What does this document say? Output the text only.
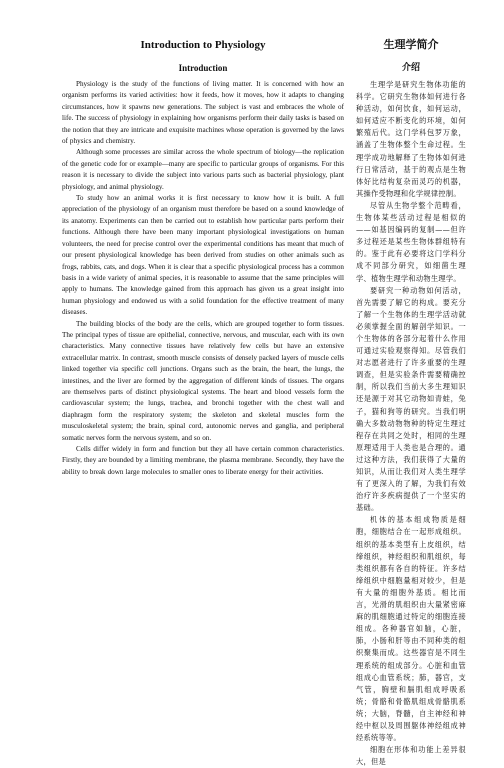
Introduction to Physiology
Introduction

Physiology is the study of the functions of living matter. It is concerned with how an organism performs its varied activities: how it feeds, how it moves, how it adapts to changing circumstances, how it spawns new generations. The subject is vast and embraces the whole of life. The success of physiology in explaining how organisms perform their daily tasks is based on the notion that they are intricate and exquisite machines whose operation is governed by the laws of physics and chemistry.

Although some processes are similar across the whole spectrum of biology—the replication of the genetic code for or example—many are specific to particular groups of organisms. For this reason it is necessary to divide the subject into various parts such as bacterial physiology, plant physiology, and animal physiology.

To study how an animal works it is first necessary to know how it is built. A full appreciation of the physiology of an organism must therefore be based on a sound knowledge of its anatomy. Experiments can then be carried out to establish how particular parts perform their functions. Although there have been many important physiological investigations on human volunteers, the need for precise control over the experimental conditions has meant that much of our present physiological knowledge has been derived from studies on other animals such as frogs, rabbits, cats, and dogs. When it is clear that a specific physiological process has a common basis in a wide variety of animal species, it is reasonable to assume that the same principles will apply to humans. The knowledge gained from this approach has given us a great insight into human physiology and endowed us with a solid foundation for the effective treatment of many diseases.

The building blocks of the body are the cells, which are grouped together to form tissues. The principal types of tissue are epithelial, connective, nervous, and muscular, each with its own characteristics. Many connective tissues have relatively few cells but have an extensive extracellular matrix. In contrast, smooth muscle consists of densely packed layers of muscle cells linked together via specific cell junctions. Organs such as the brain, the heart, the lungs, the intestines, and the liver are formed by the aggregation of different kinds of tissues. The organs are themselves parts of distinct physiological systems. The heart and blood vessels form the cardiovascular system; the lungs, trachea, and bronchi together with the chest wall and diaphragm form the respiratory system; the skeleton and skeletal muscles form the musculoskeletal system; the brain, spinal cord, autonomic nerves and ganglia, and peripheral somatic nerves form the nervous system, and so on.

Cells differ widely in form and function but they all have certain common characteristics. Firstly, they are bounded by a limiting membrane, the plasma membrane. Secondly, they have the ability to break down large molecules to smaller ones to liberate energy for their activities.

生理学简介
介绍

生理学是研究生物体功能的科学。它研究生物体如何进行各种活动，如何饮食，如何运动，如何适应不断变化的环境，如何繁殖后代。这门学科包罗万象，涵盖了生物体整个生命过程。生理学成功地解释了生物体如何进行日常活动，基于的观点是生物体好比结构复杂而灵巧的机器，其操作受物理和化学规律控制。

尽管从生物学整个范畴看，生物体某些活动过程是相似的——如基因编码的复制——但许多过程还是某些生物体群组特有的。鉴于此有必要将这门学科分成不同部分研究，如细菌生理学、植物生理学和动物生理学。

要研究一种动物如何活动，首先需要了解它的构成。要充分了解一个生物体的生理学活动就必须掌握全面的解剖学知识。一个生物体的各部分起着什么作用可通过实验观察得知。尽管我们对志愿者进行了许多重要的生理调查，但是实验条件需要精确控制，所以我们当前大多生理知识还是源于对其它动物如青蛙，兔子，猫和狗等的研究。当我们明确大多数动物物种的特定生理过程存在共同之处时，相同的生理原理适用于人类也是合理的。通过这种方法，我们获得了大量的知识，从而让我们对人类生理学有了更深入的了解，为我们有效治疗许多疾病提供了一个坚实的基础。

机体的基本组成物质是细胞，细胞结合在一起形成组织。组织的基本类型有上皮组织，结缔组织，神经组织和肌组织，每类组织都有各自的特征。许多结缔组织中细胞量相对较少，但是有大量的细胞外基质。相比而言，光滑的肌组织由大量紧密麻麻的肌细胞通过特定的细胞连接组成。各种器官如脑，心脏，肺，小肠和肝等由不同种类的组织聚集而成。这些器官是不同生理系统的组成部分。心脏和血管组成心血管系统；肺，器官，支气管，胸壁和膈肌组成呼吸系统；骨骼和骨骼肌组成骨骼肌系统；大脑，脊髓，自主神经和神经中枢以及周围躯体神经组成神经系统等等。

细胞在形体和功能上差异很大，但是
